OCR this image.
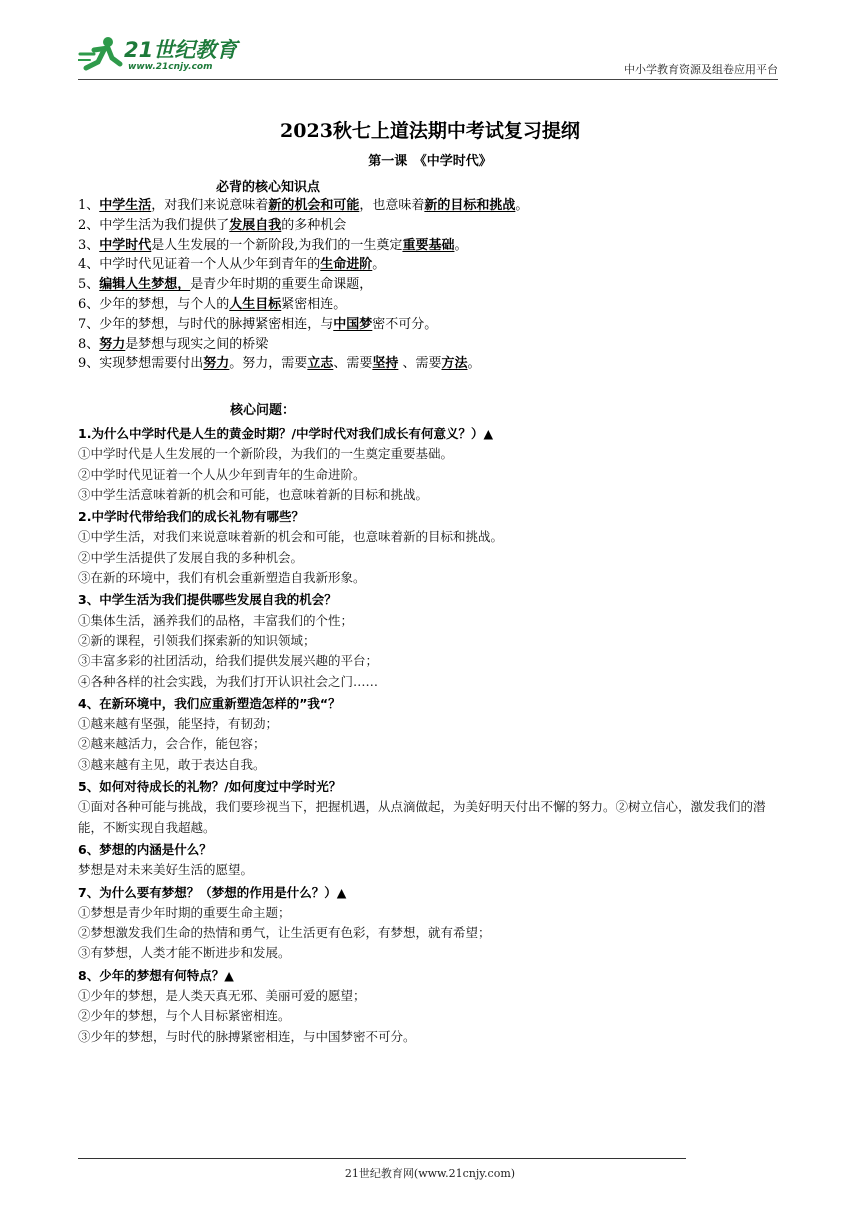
21世纪教育
www.21cnjy.com	中小学教育资源及组卷应用平台
2023秋七上道法期中考试复习提纲
第一课　《中学时代》
必背的核心知识点
1、中学生活，对我们来说意味着新的机会和可能，也意味着新的目标和挑战。
2、中学生活为我们提供了发展自我的多种机会
3、中学时代是人生发展的一个新阶段,为我们的一生奠定重要基础。
4、中学时代见证着一个人从少年到青年的生命进阶。
5、编辑人生梦想，是青少年时期的重要生命课题，
6、少年的梦想，与个人的人生目标紧密相连。
7、少年的梦想，与时代的脉搏紧密相连，与中国梦密不可分。
8、努力是梦想与现实之间的桥梁
9、实现梦想需要付出努力。努力，需要立志、需要坚持 、需要方法。
核心问题：
1.为什么中学时代是人生的黄金时期？/中学时代对我们成长有何意义？）▲
①中学时代是人生发展的一个新阶段，为我们的一生奠定重要基础。
②中学时代见证着一个人从少年到青年的生命进阶。
③中学生活意味着新的机会和可能，也意味着新的目标和挑战。
2.中学时代带给我们的成长礼物有哪些？
①中学生活，对我们来说意味着新的机会和可能，也意味着新的目标和挑战。
②中学生活提供了发展自我的多种机会。
③在新的环境中，我们有机会重新塑造自我新形象。
3、中学生活为我们提供哪些发展自我的机会？
①集体生活，涵养我们的品格，丰富我们的个性；
②新的课程，引领我们探索新的知识领域；
③丰富多彩的社团活动，给我们提供发展兴趣的平台；
④各种各样的社会实践，为我们打开认识社会之门……
4、在新环境中，我们应重新塑造怎样的”我“？
①越来越有坚强，能坚持，有韧劲；
②越来越活力，会合作，能包容；
③越来越有主见，敢于表达自我。
5、如何对待成长的礼物？/如何度过中学时光？
①面对各种可能与挑战，我们要珍视当下，把握机遇，从点滴做起，为美好明天付出不懈的努力。②树立信心，激发我们的潜能，不断实现自我超越。
6、梦想的内涵是什么？
梦想是对未来美好生活的愿望。
7、为什么要有梦想？（梦想的作用是什么？）▲
①梦想是青少年时期的重要生命主题；
②梦想激发我们生命的热情和勇气，让生活更有色彩，有梦想，就有希望；
③有梦想，人类才能不断进步和发展。
8、少年的梦想有何特点？▲
①少年的梦想，是人类天真无邪、美丽可爱的愿望；
②少年的梦想，与个人目标紧密相连。
③少年的梦想，与时代的脉搏紧密相连，与中国梦密不可分。
21世纪教育网(www.21cnjy.com)
